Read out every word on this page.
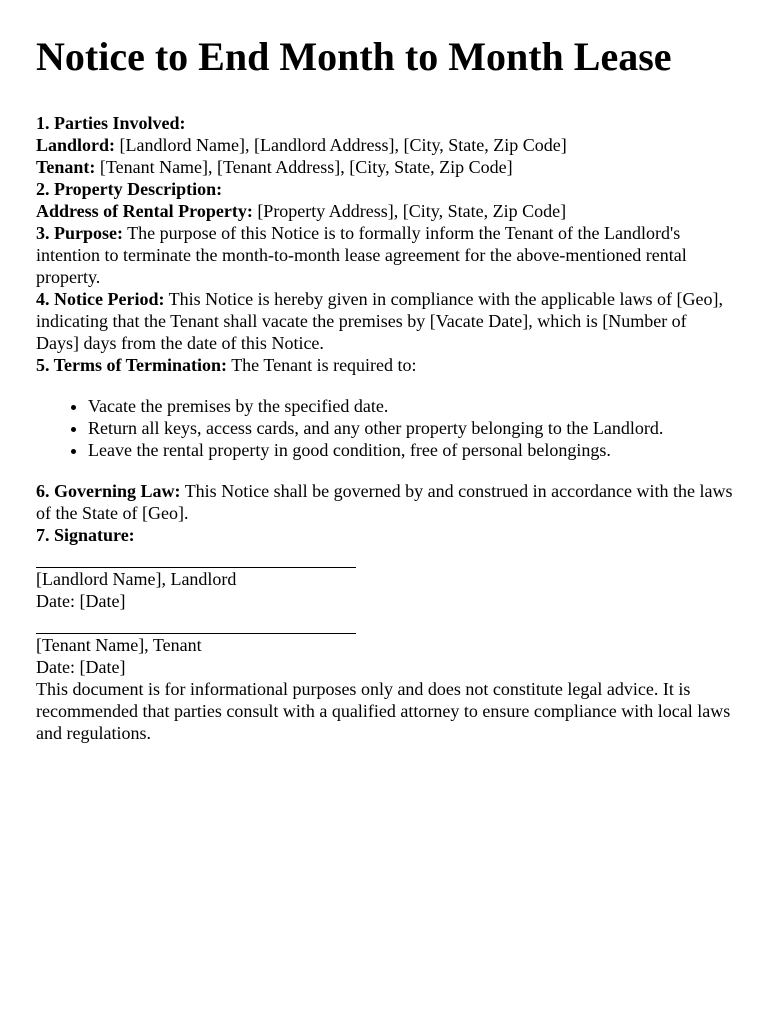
Notice to End Month to Month Lease
1. Parties Involved:
Landlord: [Landlord Name], [Landlord Address], [City, State, Zip Code]
Tenant: [Tenant Name], [Tenant Address], [City, State, Zip Code]
2. Property Description:
Address of Rental Property: [Property Address], [City, State, Zip Code]
3. Purpose: The purpose of this Notice is to formally inform the Tenant of the Landlord's intention to terminate the month-to-month lease agreement for the above-mentioned rental property.
4. Notice Period: This Notice is hereby given in compliance with the applicable laws of [Geo], indicating that the Tenant shall vacate the premises by [Vacate Date], which is [Number of Days] days from the date of this Notice.
5. Terms of Termination: The Tenant is required to:
• Vacate the premises by the specified date.
• Return all keys, access cards, and any other property belonging to the Landlord.
• Leave the rental property in good condition, free of personal belongings.
6. Governing Law: This Notice shall be governed by and construed in accordance with the laws of the State of [Geo].
7. Signature:
[Landlord Name], Landlord
Date: [Date]
[Tenant Name], Tenant
Date: [Date]
This document is for informational purposes only and does not constitute legal advice. It is recommended that parties consult with a qualified attorney to ensure compliance with local laws and regulations.
